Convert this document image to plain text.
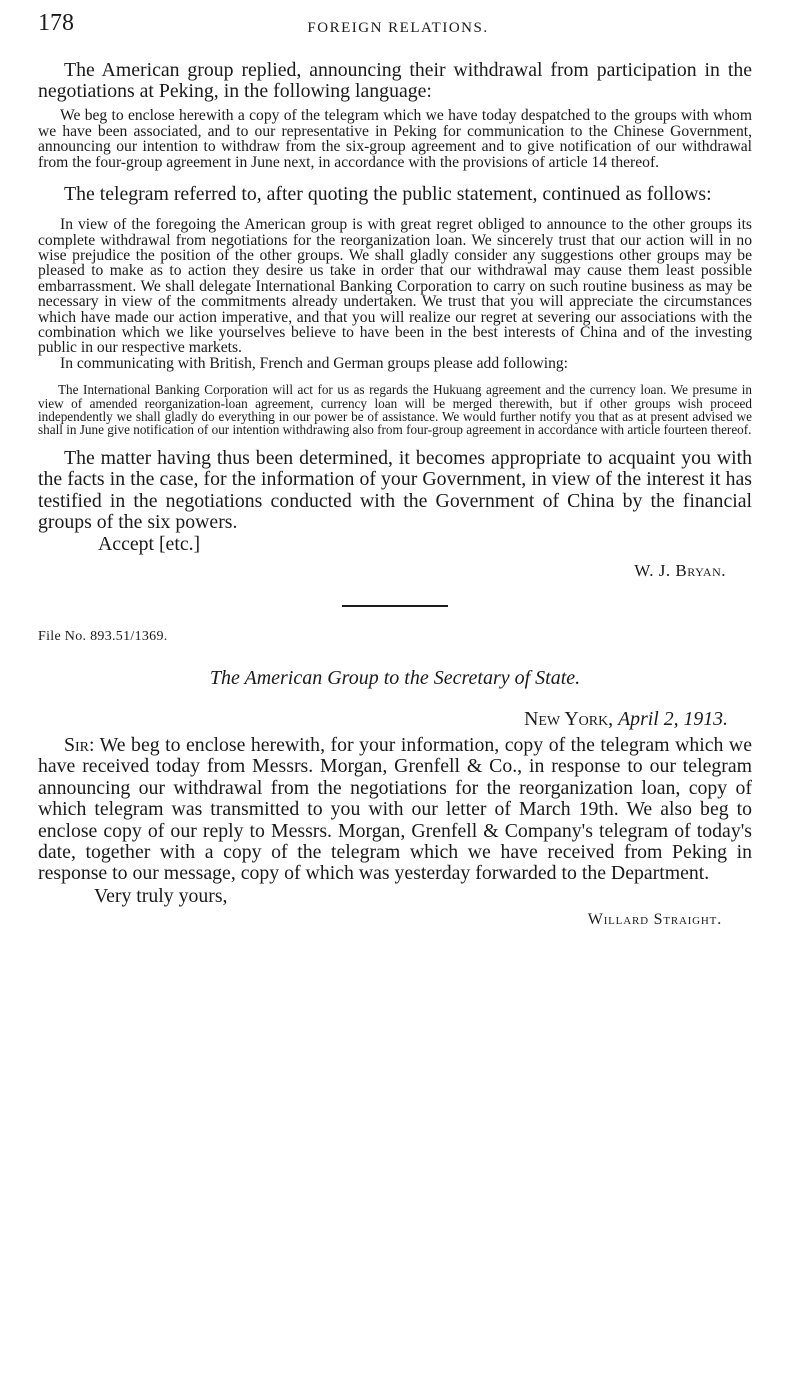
178	FOREIGN RELATIONS.

The American group replied, announcing their withdrawal from participation in the negotiations at Peking, in the following language:

We beg to enclose herewith a copy of the telegram which we have today despatched to the groups with whom we have been associated, and to our representative in Peking for communication to the Chinese Government, announcing our intention to withdraw from the six-group agreement and to give notification of our withdrawal from the four-group agreement in June next, in accordance with the provisions of article 14 thereof.

The telegram referred to, after quoting the public statement, continued as follows:

In view of the foregoing the American group is with great regret obliged to announce to the other groups its complete withdrawal from negotiations for the reorganization loan. We sincerely trust that our action will in no wise prejudice the position of the other groups. We shall gladly consider any suggestions other groups may be pleased to make as to action they desire us take in order that our withdrawal may cause them least possible embarrassment. We shall delegate International Banking Corporation to carry on such routine business as may be necessary in view of the commitments already undertaken. We trust that you will appreciate the circumstances which have made our action imperative, and that you will realize our regret at severing our associations with the combination which we like yourselves believe to have been in the best interests of China and of the investing public in our respective markets.

In communicating with British, French and German groups please add following:

The International Banking Corporation will act for us as regards the Hukuang agreement and the currency loan. We presume in view of amended reorganization-loan agreement, currency loan will be merged therewith, but if other groups wish proceed independently we shall gladly do everything in our power be of assistance. We would further notify you that as at present advised we shall in June give notification of our intention withdrawing also from four-group agreement in accordance with article fourteen thereof.

The matter having thus been determined, it becomes appropriate to acquaint you with the facts in the case, for the information of your Government, in view of the interest it has testified in the negotiations conducted with the Government of China by the financial groups of the six powers.

Accept [etc.]
W. J. Bryan.
File No. 893.51/1369.
The American Group to the Secretary of State.
New York, April 2, 1913.

Sir: We beg to enclose herewith, for your information, copy of the telegram which we have received today from Messrs. Morgan, Grenfell & Co., in response to our telegram announcing our withdrawal from the negotiations for the reorganization loan, copy of which telegram was transmitted to you with our letter of March 19th. We also beg to enclose copy of our reply to Messrs. Morgan, Grenfell & Company's telegram of today's date, together with a copy of the telegram which we have received from Peking in response to our message, copy of which was yesterday forwarded to the Department.

Very truly yours,
Willard Straight.
